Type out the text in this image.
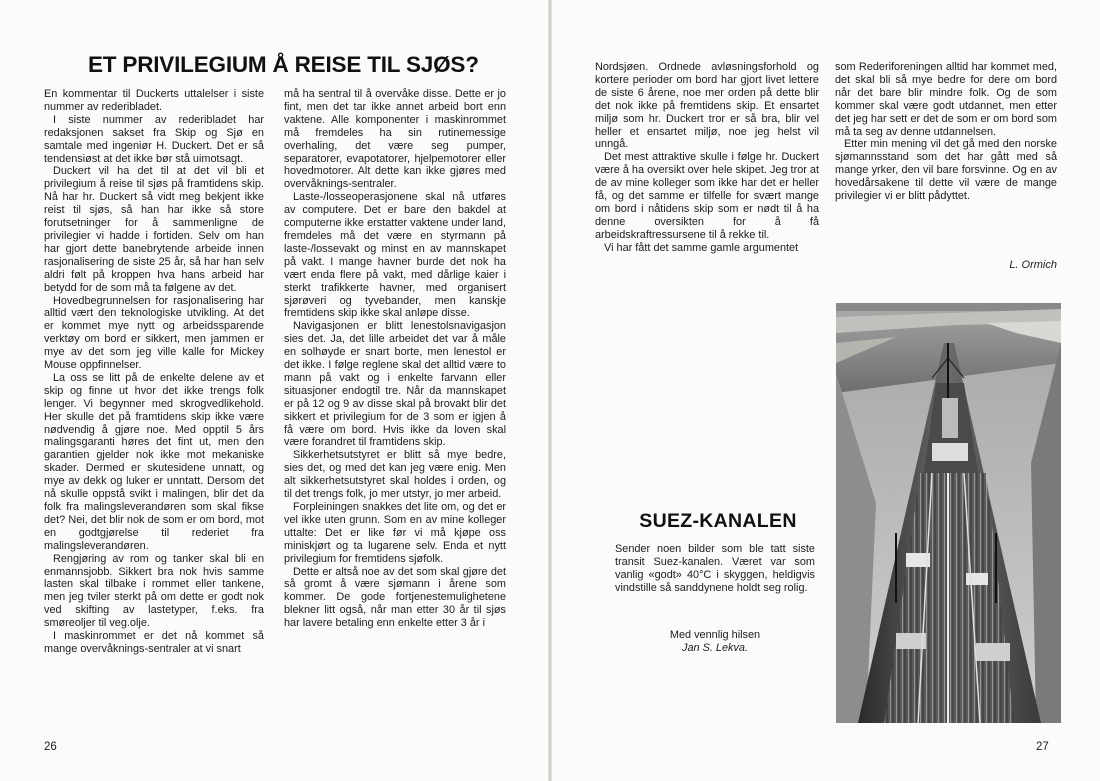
ET PRIVILEGIUM Å REISE TIL SJØS?

En kommentar til Duckerts uttalelser i siste nummer av rederibladet.

I siste nummer av rederibladet har redaksjonen sakset fra Skip og Sjø en samtale med ingeniør H. Duckert. Det er så tendensiøst at det ikke bør stå uimotsagt.

Duckert vil ha det til at det vil bli et privilegium å reise til sjøs på framtidens skip. Nå har hr. Duckert så vidt meg bekjent ikke reist til sjøs, så han har ikke så store forutsetninger for å sammenligne de privilegier vi hadde i fortiden. Selv om han har gjort dette banebrytende arbeide innen rasjonalisering de siste 25 år, så har han selv aldri følt på kroppen hva hans arbeid har betydd for de som må ta følgene av det.

Hovedbegrunnelsen for rasjonalisering har alltid vært den teknologiske utvikling. At det er kommet mye nytt og arbeidssparende verktøy om bord er sikkert, men jammen er mye av det som jeg ville kalle for Mickey Mouse oppfinnelser.

La oss se litt på de enkelte delene av et skip og finne ut hvor det ikke trengs folk lenger. Vi begynner med skrogvedlikehold. Her skulle det på framtidens skip ikke være nødvendig å gjøre noe. Med opptil 5 års malingsgaranti høres det fint ut, men den garantien gjelder nok ikke mot mekaniske skader. Dermed er skutesidene unnatt, og mye av dekk og luker er unntatt. Dersom det nå skulle oppstå svikt i malingen, blir det da folk fra malingsleverandøren som skal fikse det? Nei, det blir nok de som er om bord, mot en godtgjørelse til rederiet fra malingsleverandøren.

Rengjøring av rom og tanker skal bli en enmannsjobb. Sikkert bra nok hvis samme lasten skal tilbake i rommet eller tankene, men jeg tviler sterkt på om dette er godt nok ved skifting av lastetyper, f.eks. fra smøreoljer til veg.olje.

I maskinrommet er det nå kommet så mange overvåknings-sentraler at vi snart

må ha sentral til å overvåke disse. Dette er jo fint, men det tar ikke annet arbeid bort enn vaktene. Alle komponenter i maskinrommet må fremdeles ha sin rutinemessige overhaling, det være seg pumper, separatorer, evapotatorer, hjelpemotorer eller hovedmotorer. Alt dette kan ikke gjøres med overvåknings-sentraler.

Laste-/losseoperasjonene skal nå utføres av computere. Det er bare den bakdel at computerne ikke erstatter vaktene under land, fremdeles må det være en styrmann på laste-/lossevakt og minst en av mannskapet på vakt. I mange havner burde det nok ha vært enda flere på vakt, med dårlige kaier i sterkt trafikkerte havner, med organisert sjørøveri og tyvebander, men kanskje fremtidens skip ikke skal anløpe disse.

Navigasjonen er blitt lenestolsnavigasjon sies det. Ja, det lille arbeidet det var å måle en solhøyde er snart borte, men lenestol er det ikke. I følge reglene skal det alltid være to mann på vakt og i enkelte farvann eller situasjoner endogtil tre. Når da mannskapet er på 12 og 9 av disse skal på brovakt blir det sikkert et privilegium for de 3 som er igjen å få være om bord. Hvis ikke da loven skal være forandret til framtidens skip.

Sikkerhetsutstyret er blitt så mye bedre, sies det, og med det kan jeg være enig. Men alt sikkerhetsutstyret skal holdes i orden, og til det trengs folk, jo mer utstyr, jo mer arbeid.

Forpleiningen snakkes det lite om, og det er vel ikke uten grunn. Som en av mine kolleger uttalte: Det er like før vi må kjøpe oss miniskjørt og ta lugarene selv. Enda et nytt privilegium for fremtidens sjøfolk.

Dette er altså noe av det som skal gjøre det så gromt å være sjømann i årene som kommer. De gode fortjenestemulighetene blekner litt også, når man etter 30 år til sjøs har lavere betaling enn enkelte etter 3 år i

26

Nordsjøen. Ordnede avløsningsforhold og kortere perioder om bord har gjort livet lettere de siste 6 årene, noe mer orden på dette blir det nok ikke på fremtidens skip. Et ensartet miljø som hr. Duckert tror er så bra, blir vel heller et ensartet miljø, noe jeg helst vil unngå.

Det mest attraktive skulle i følge hr. Duckert være å ha oversikt over hele skipet. Jeg tror at de av mine kolleger som ikke har det er heller få, og det samme er tilfelle for svært mange om bord i nåtidens skip som er nødt til å ha denne oversikten for å få arbeidskraftressursene til å rekke til.

Vi har fått det samme gamle argumentet

som Rederiforeningen alltid har kommet med, det skal bli så mye bedre for dere om bord når det bare blir mindre folk. Og de som kommer skal være godt utdannet, men etter det jeg har sett er det de som er om bord som må ta seg av denne utdannelsen.

Etter min mening vil det gå med den norske sjømannsstand som det har gått med så mange yrker, den vil bare forsvinne. Og en av hovedårsakene til dette vil være de mange privilegier vi er blitt pådyttet.

L. Ormich
SUEZ-KANALEN

Sender noen bilder som ble tatt siste transit Suez-kanalen. Været var som vanlig «godt» 40°C i skyggen, heldigvis vindstille så sanddynene holdt seg rolig.

Med vennlig hilsen

Jan S. Lekva.

27
